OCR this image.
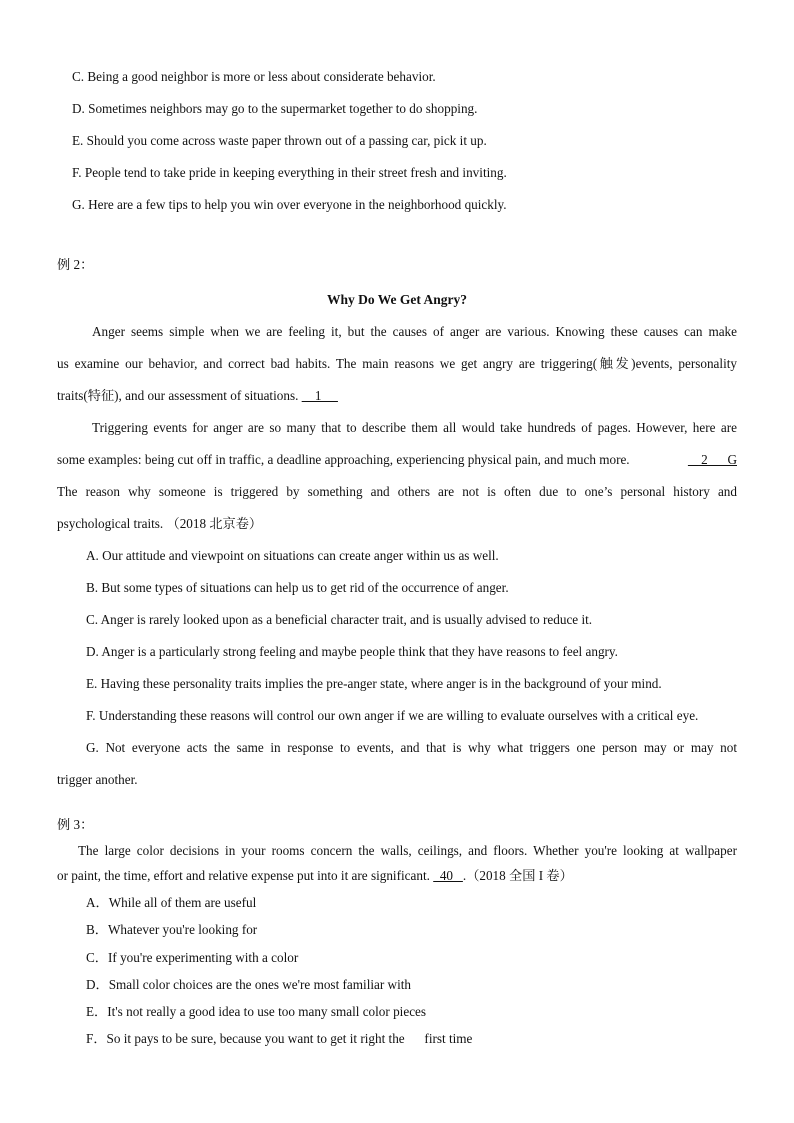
C. Being a good neighbor is more or less about considerate behavior.
D. Sometimes neighbors may go to the supermarket together to do shopping.
E. Should you come across waste paper thrown out of a passing car, pick it up.
F. People tend to take pride in keeping everything in their street fresh and inviting.
G. Here are a few tips to help you win over everyone in the neighborhood quickly.
例 2：
Why Do We Get Angry?
Anger seems simple when we are feeling it, but the causes of anger are various. Knowing these causes can make
us examine our behavior, and correct bad habits. The main reasons we get angry are triggering(触发)events, personality
traits(特征), and our assessment of situations.     1
Triggering events for anger are so many that to describe them all would take hundreds of pages. However, here are
some examples: being cut off in traffic, a deadline approaching, experiencing physical pain, and much more.	2      G
The reason why someone is triggered by something and others are not is often due to one’s personal history and
psychological traits. （2018 北京卷）
A. Our attitude and viewpoint on situations can create anger within us as well.
B. But some types of situations can help us to get rid of the occurrence of anger.
C. Anger is rarely looked upon as a beneficial character trait, and is usually advised to reduce it.
D. Anger is a particularly strong feeling and maybe people think that they have reasons to feel angry.
E. Having these personality traits implies the pre-anger state, where anger is in the background of your mind.
F. Understanding these reasons will control our own anger if we are willing to evaluate ourselves with a critical eye.
G. Not everyone acts the same in response to events, and that is why what triggers one person may or may not
trigger another.
例 3：
The large color decisions in your rooms concern the walls, ceilings, and floors. Whether you're looking at wallpaper
or paint, the time, effort and relative expense put into it are significant.   40   .（2018 全国 I 卷）
A．While all of them are useful
B．Whatever you're looking for
C．If you're experimenting with a color
D．Small color choices are the ones we're most familiar with
E．It's not really a good idea to use too many small color pieces
F．So it pays to be sure, because you want to get it right the      first time
